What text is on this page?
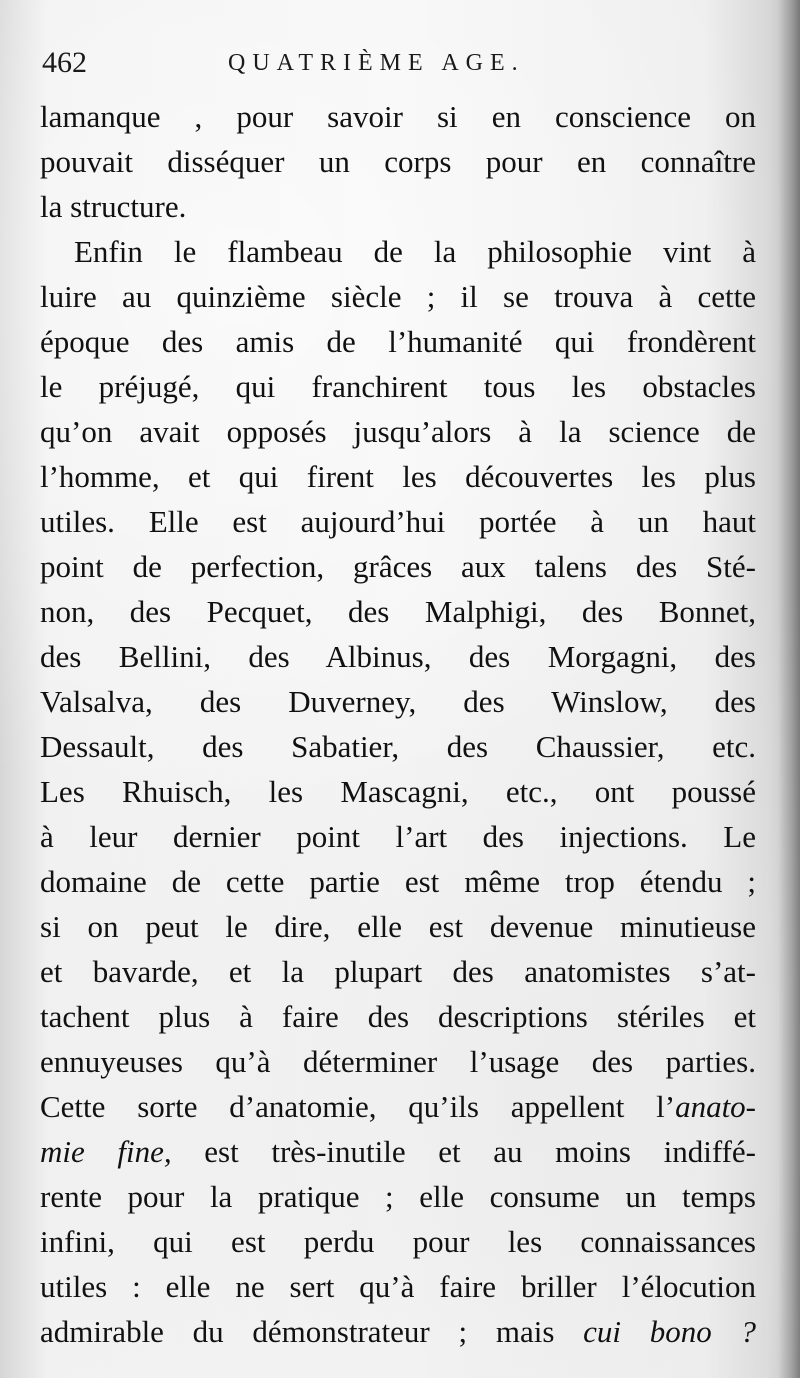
462	QUATRIÈME AGE.
lamanque , pour savoir si en conscience on
pouvait disséquer un corps pour en connaître
la structure.
Enfin le flambeau de la philosophie vint à
luire au quinzième siècle ; il se trouva à cette
époque des amis de l’humanité qui frondèrent
le préjugé, qui franchirent tous les obstacles
qu’on avait opposés jusqu’alors à la science de
l’homme, et qui firent les découvertes les plus
utiles. Elle est aujourd’hui portée à un haut
point de perfection, grâces aux talens des Sté-
non, des Pecquet, des Malphigi, des Bonnet,
des Bellini, des Albinus, des Morgagni, des
Valsalva, des Duverney, des Winslow, des
Dessault, des Sabatier, des Chaussier, etc.
Les Rhuisch, les Mascagni, etc., ont poussé
à leur dernier point l’art des injections. Le
domaine de cette partie est même trop étendu ;
si on peut le dire, elle est devenue minutieuse
et bavarde, et la plupart des anatomistes s’at-
tachent plus à faire des descriptions stériles et
ennuyeuses qu’à déterminer l’usage des parties.
Cette sorte d’anatomie, qu’ils appellent l’anato-
mie fine, est très-inutile et au moins indiffé-
rente pour la pratique ; elle consume un temps
infini, qui est perdu pour les connaissances
utiles : elle ne sert qu’à faire briller l’élocution
admirable du démonstrateur ; mais cui bono ?
